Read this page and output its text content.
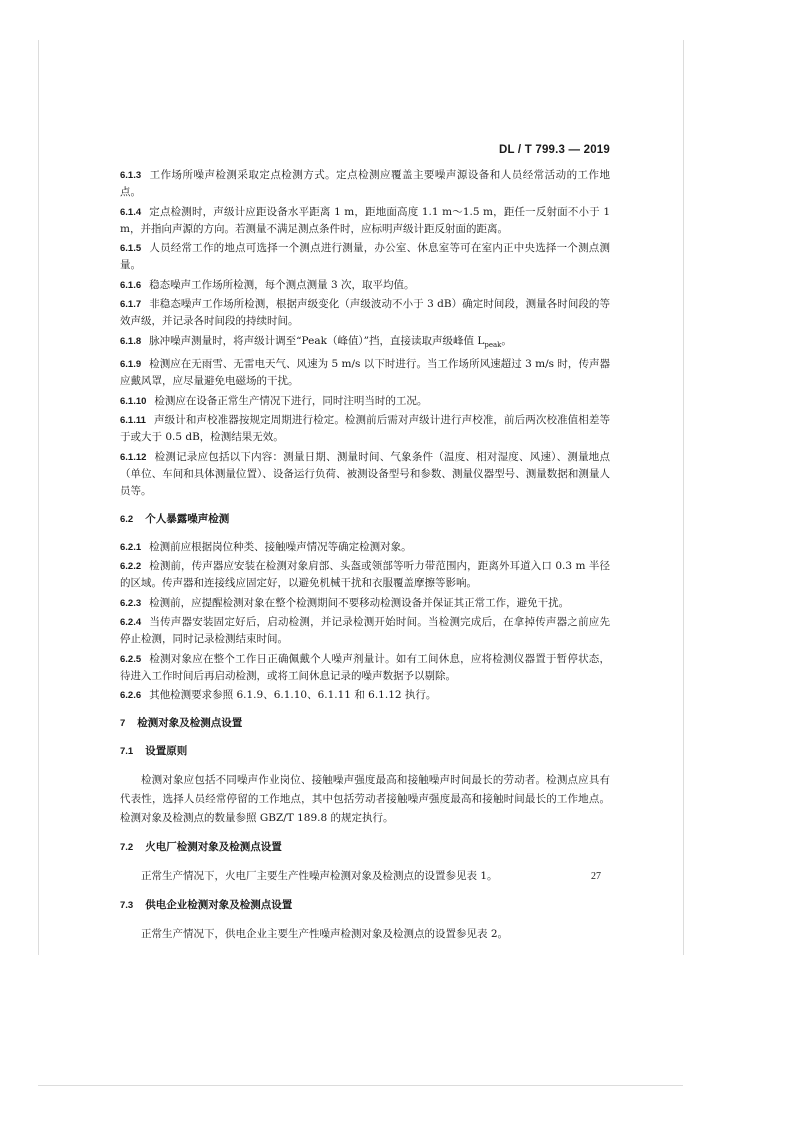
DL / T 799.3 — 2019

6.1.3 工作场所噪声检测采取定点检测方式。定点检测应覆盖主要噪声源设备和人员经常活动的工作地点。

6.1.4 定点检测时，声级计应距设备水平距离 1 m，距地面高度 1.1 m～1.5 m，距任一反射面不小于 1 m，并指向声源的方向。若测量不满足测点条件时，应标明声级计距反射面的距离。

6.1.5 人员经常工作的地点可选择一个测点进行测量，办公室、休息室等可在室内正中央选择一个测点测量。

6.1.6 稳态噪声工作场所检测，每个测点测量 3 次，取平均值。

6.1.7 非稳态噪声工作场所检测，根据声级变化（声级波动不小于 3 dB）确定时间段，测量各时间段的等效声级，并记录各时间段的持续时间。

6.1.8 脉冲噪声测量时，将声级计调至“Peak（峰值）”挡，直接读取声级峰值 $L_{peak}$。

6.1.9 检测应在无雨雪、无雷电天气、风速为 5 m/s 以下时进行。当工作场所风速超过 3 m/s 时，传声器应戴风罩，应尽量避免电磁场的干扰。

6.1.10 检测应在设备正常生产情况下进行，同时注明当时的工况。

6.1.11 声级计和声校准器按规定周期进行检定。检测前后需对声级计进行声校准，前后两次校准值相差等于或大于 0.5 dB，检测结果无效。

6.1.12 检测记录应包括以下内容：测量日期、测量时间、气象条件（温度、相对湿度、风速）、测量地点（单位、车间和具体测量位置）、设备运行负荷、被测设备型号和参数、测量仪器型号、测量数据和测量人员等。

6.2 个人暴露噪声检测

6.2.1 检测前应根据岗位种类、接触噪声情况等确定检测对象。

6.2.2 检测前，传声器应安装在检测对象肩部、头盔或领部等听力带范围内，距离外耳道入口 0.3 m 半径的区域。传声器和连接线应固定好，以避免机械干扰和衣服覆盖摩擦等影响。

6.2.3 检测前，应提醒检测对象在整个检测期间不要移动检测设备并保证其正常工作，避免干扰。

6.2.4 当传声器安装固定好后，启动检测，并记录检测开始时间。当检测完成后，在拿掉传声器之前应先停止检测，同时记录检测结束时间。

6.2.5 检测对象应在整个工作日正确佩戴个人噪声剂量计。如有工间休息，应将检测仪器置于暂停状态，待进入工作时间后再启动检测，或将工间休息记录的噪声数据予以剔除。

6.2.6 其他检测要求参照 6.1.9、6.1.10、6.1.11 和 6.1.12 执行。

7 检测对象及检测点设置
7.1 设置原则

检测对象应包括不同噪声作业岗位、接触噪声强度最高和接触噪声时间最长的劳动者。检测点应具有代表性，选择人员经常停留的工作地点，其中包括劳动者接触噪声强度最高和接触时间最长的工作地点。检测对象及检测点的数量参照 GBZ/T 189.8 的规定执行。

7.2 火电厂检测对象及检测点设置

正常生产情况下，火电厂主要生产性噪声检测对象及检测点的设置参见表 1。

7.3 供电企业检测对象及检测点设置

正常生产情况下，供电企业主要生产性噪声检测对象及检测点的设置参见表 2。

27
